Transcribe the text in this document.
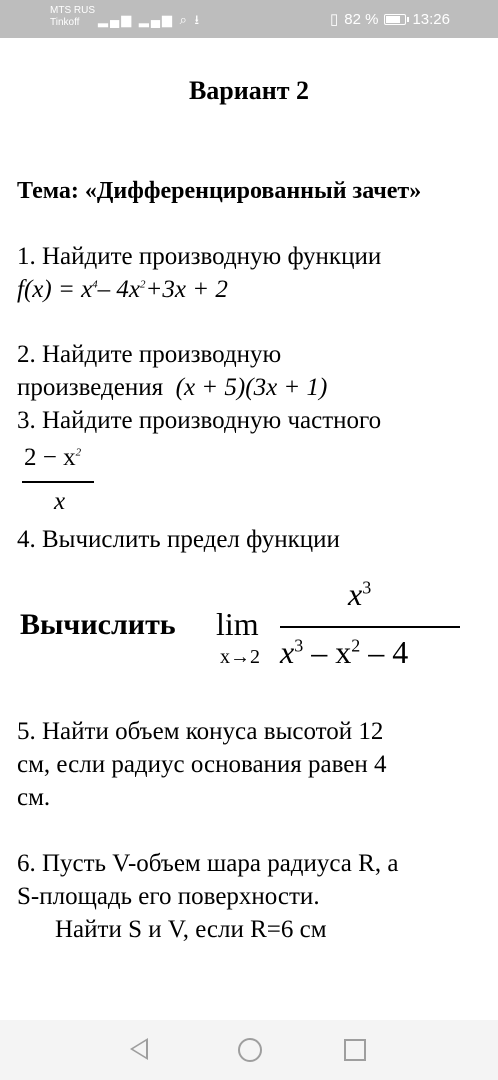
MTS RUS
Tinkoff	▂▄▆ ▂▄▆ ⌕ ⭳	▯ 82 % 13:26
Вариант 2
Тема: «Дифференцированный зачет»
1. Найдите производную функции
$f(x) = x^4-$ $4x^2+3x + 2$
2. Найдите производную
произведения (x + 5)(3x + 1)
3. Найдите производную частного
$2 - x^2$
x
4. Вычислить предел функции
Вычислить lim
x→2
$x^3$
$x^3 - x^2 - 4$
5. Найти объем конуса высотой 12
см, если радиус основания равен 4
см.
6. Пусть V-объем шара радиуса R, а
S-площадь его поверхности.
Найти S и V, если R=6 см
